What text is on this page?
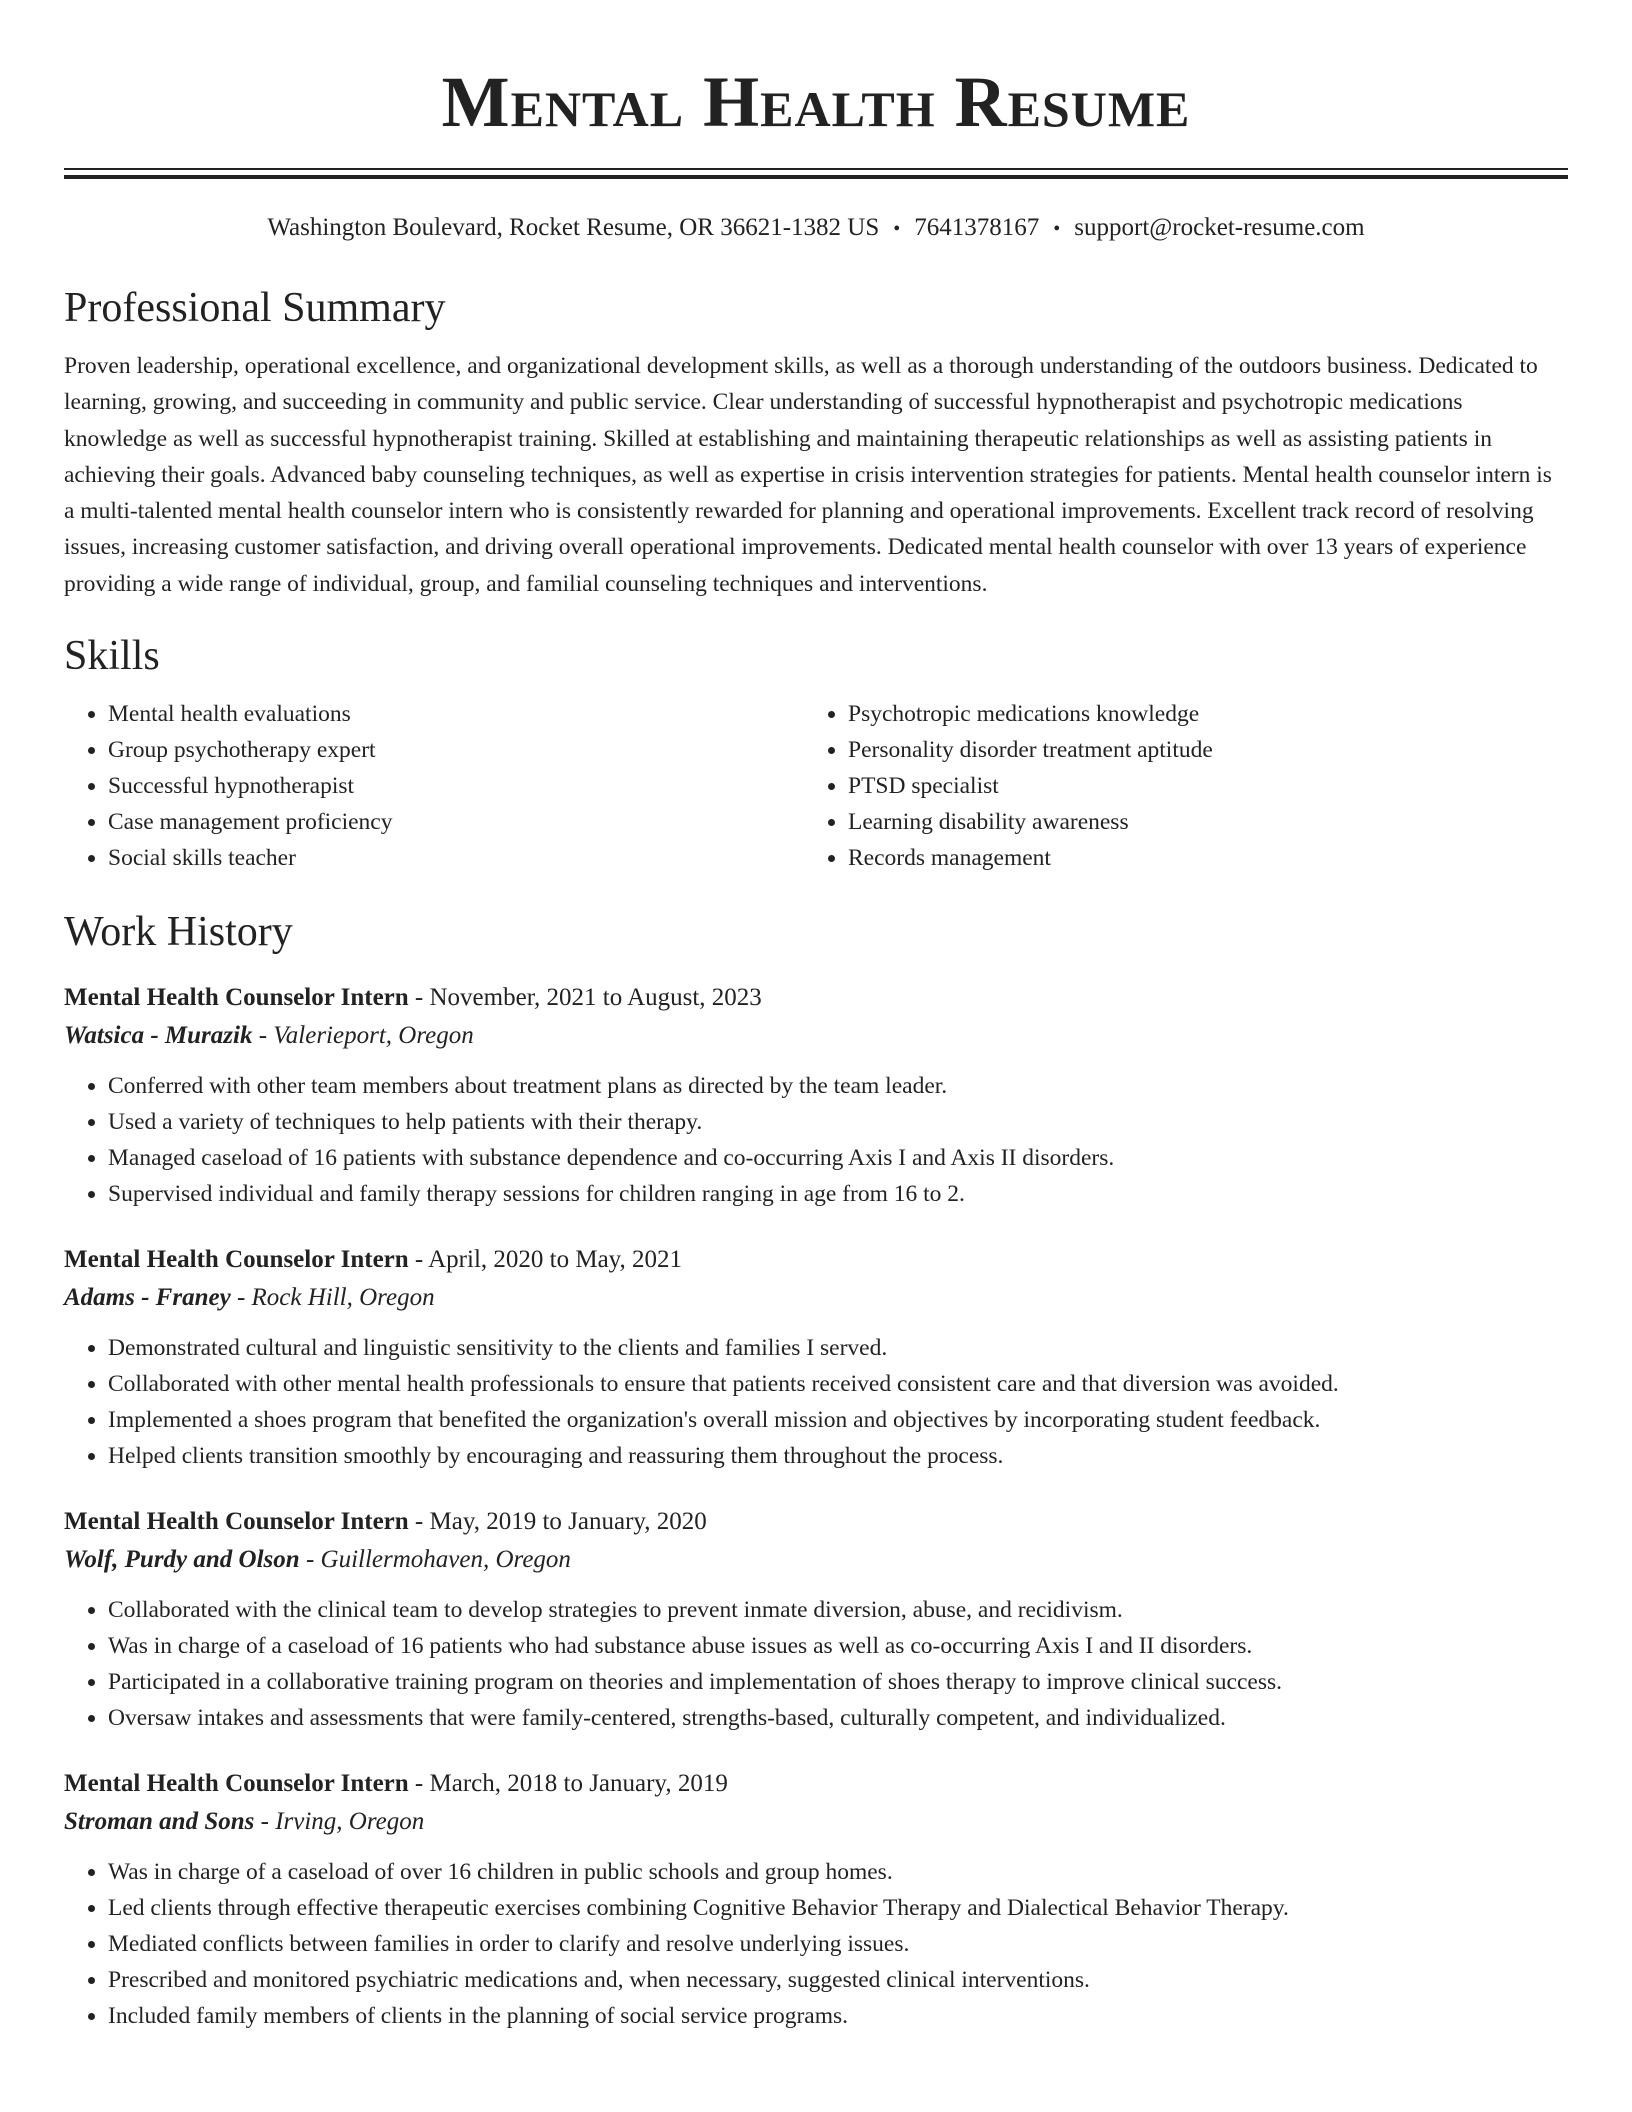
Mental Health Resume
Washington Boulevard, Rocket Resume, OR 36621-1382 US • 7641378167 • support@rocket-resume.com
Professional Summary

Proven leadership, operational excellence, and organizational development skills, as well as a thorough understanding of the outdoors business. Dedicated to learning, growing, and succeeding in community and public service. Clear understanding of successful hypnotherapist and psychotropic medications knowledge as well as successful hypnotherapist training. Skilled at establishing and maintaining therapeutic relationships as well as assisting patients in achieving their goals. Advanced baby counseling techniques, as well as expertise in crisis intervention strategies for patients. Mental health counselor intern is a multi-talented mental health counselor intern who is consistently rewarded for planning and operational improvements. Excellent track record of resolving issues, increasing customer satisfaction, and driving overall operational improvements. Dedicated mental health counselor with over 13 years of experience providing a wide range of individual, group, and familial counseling techniques and interventions.

Skills
• Mental health evaluations
• Group psychotherapy expert
• Successful hypnotherapist
• Case management proficiency
• Social skills teacher
• Psychotropic medications knowledge
• Personality disorder treatment aptitude
• PTSD specialist
• Learning disability awareness
• Records management
Work History
Mental Health Counselor Intern - November, 2021 to August, 2023
Watsica - Murazik - Valerieport, Oregon
• Conferred with other team members about treatment plans as directed by the team leader.
• Used a variety of techniques to help patients with their therapy.
• Managed caseload of 16 patients with substance dependence and co-occurring Axis I and Axis II disorders.
• Supervised individual and family therapy sessions for children ranging in age from 16 to 2.
Mental Health Counselor Intern - April, 2020 to May, 2021
Adams - Franey - Rock Hill, Oregon
• Demonstrated cultural and linguistic sensitivity to the clients and families I served.
• Collaborated with other mental health professionals to ensure that patients received consistent care and that diversion was avoided.
• Implemented a shoes program that benefited the organization's overall mission and objectives by incorporating student feedback.
• Helped clients transition smoothly by encouraging and reassuring them throughout the process.
Mental Health Counselor Intern - May, 2019 to January, 2020
Wolf, Purdy and Olson - Guillermohaven, Oregon
• Collaborated with the clinical team to develop strategies to prevent inmate diversion, abuse, and recidivism.
• Was in charge of a caseload of 16 patients who had substance abuse issues as well as co-occurring Axis I and II disorders.
• Participated in a collaborative training program on theories and implementation of shoes therapy to improve clinical success.
• Oversaw intakes and assessments that were family-centered, strengths-based, culturally competent, and individualized.
Mental Health Counselor Intern - March, 2018 to January, 2019
Stroman and Sons - Irving, Oregon
• Was in charge of a caseload of over 16 children in public schools and group homes.
• Led clients through effective therapeutic exercises combining Cognitive Behavior Therapy and Dialectical Behavior Therapy.
• Mediated conflicts between families in order to clarify and resolve underlying issues.
• Prescribed and monitored psychiatric medications and, when necessary, suggested clinical interventions.
• Included family members of clients in the planning of social service programs.
